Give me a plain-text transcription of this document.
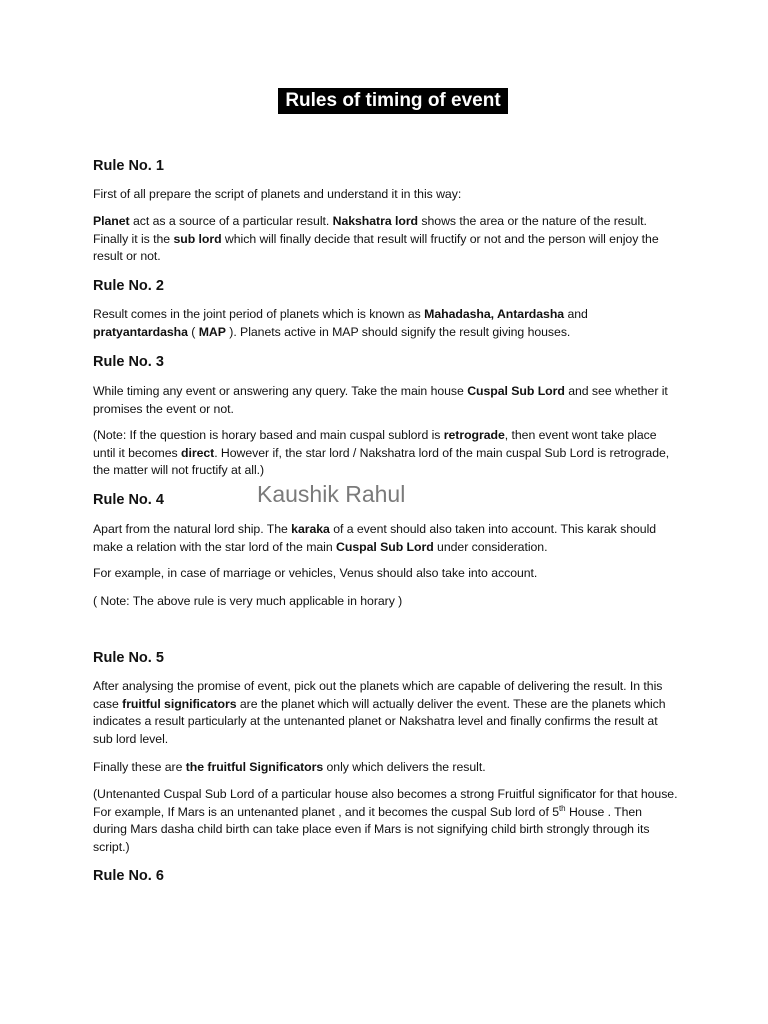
Rules of timing of event
Rule No. 1
First of all prepare the script of planets and understand it in this way:
Planet act as a source of a particular result. Nakshatra lord shows the area or the nature of the result. Finally it is the sub lord which will finally decide that result will fructify or not and the person will enjoy the result or not.
Rule No. 2
Result comes in the joint period of planets which is known as Mahadasha, Antardasha and pratyantardasha ( MAP ). Planets active in MAP should signify the result giving houses.
Rule No. 3
While timing any event or answering any query. Take the main house Cuspal Sub Lord and see whether it promises the event or not.
(Note: If the question is horary based and main cuspal sublord is retrograde, then event wont take place until it becomes direct. However if, the star lord / Nakshatra lord of the main cuspal Sub Lord is retrograde, the matter will not fructify at all.)
Rule No. 4	Kaushik Rahul
Apart from the natural lord ship. The karaka of a event should also taken into account. This karak should make a relation with the star lord of the main Cuspal Sub Lord under consideration.
For example, in case of marriage or vehicles, Venus should also take into account.
( Note: The above rule is very much applicable in horary )
Rule No. 5
After analysing the promise of event, pick out the planets which are capable of delivering the result. In this case fruitful significators are the planet which will actually deliver the event. These are the planets which indicates a result particularly at the untenanted planet or Nakshatra level and finally confirms the result at sub lord level.
Finally these are the fruitful Significators only which delivers the result.
(Untenanted Cuspal Sub Lord of a particular house also becomes a strong Fruitful significator for that house. For example, If Mars is an untenanted planet , and it becomes the cuspal Sub lord of 5th House . Then during Mars dasha child birth can take place even if Mars is not signifying child birth strongly through its script.)
Rule No. 6
